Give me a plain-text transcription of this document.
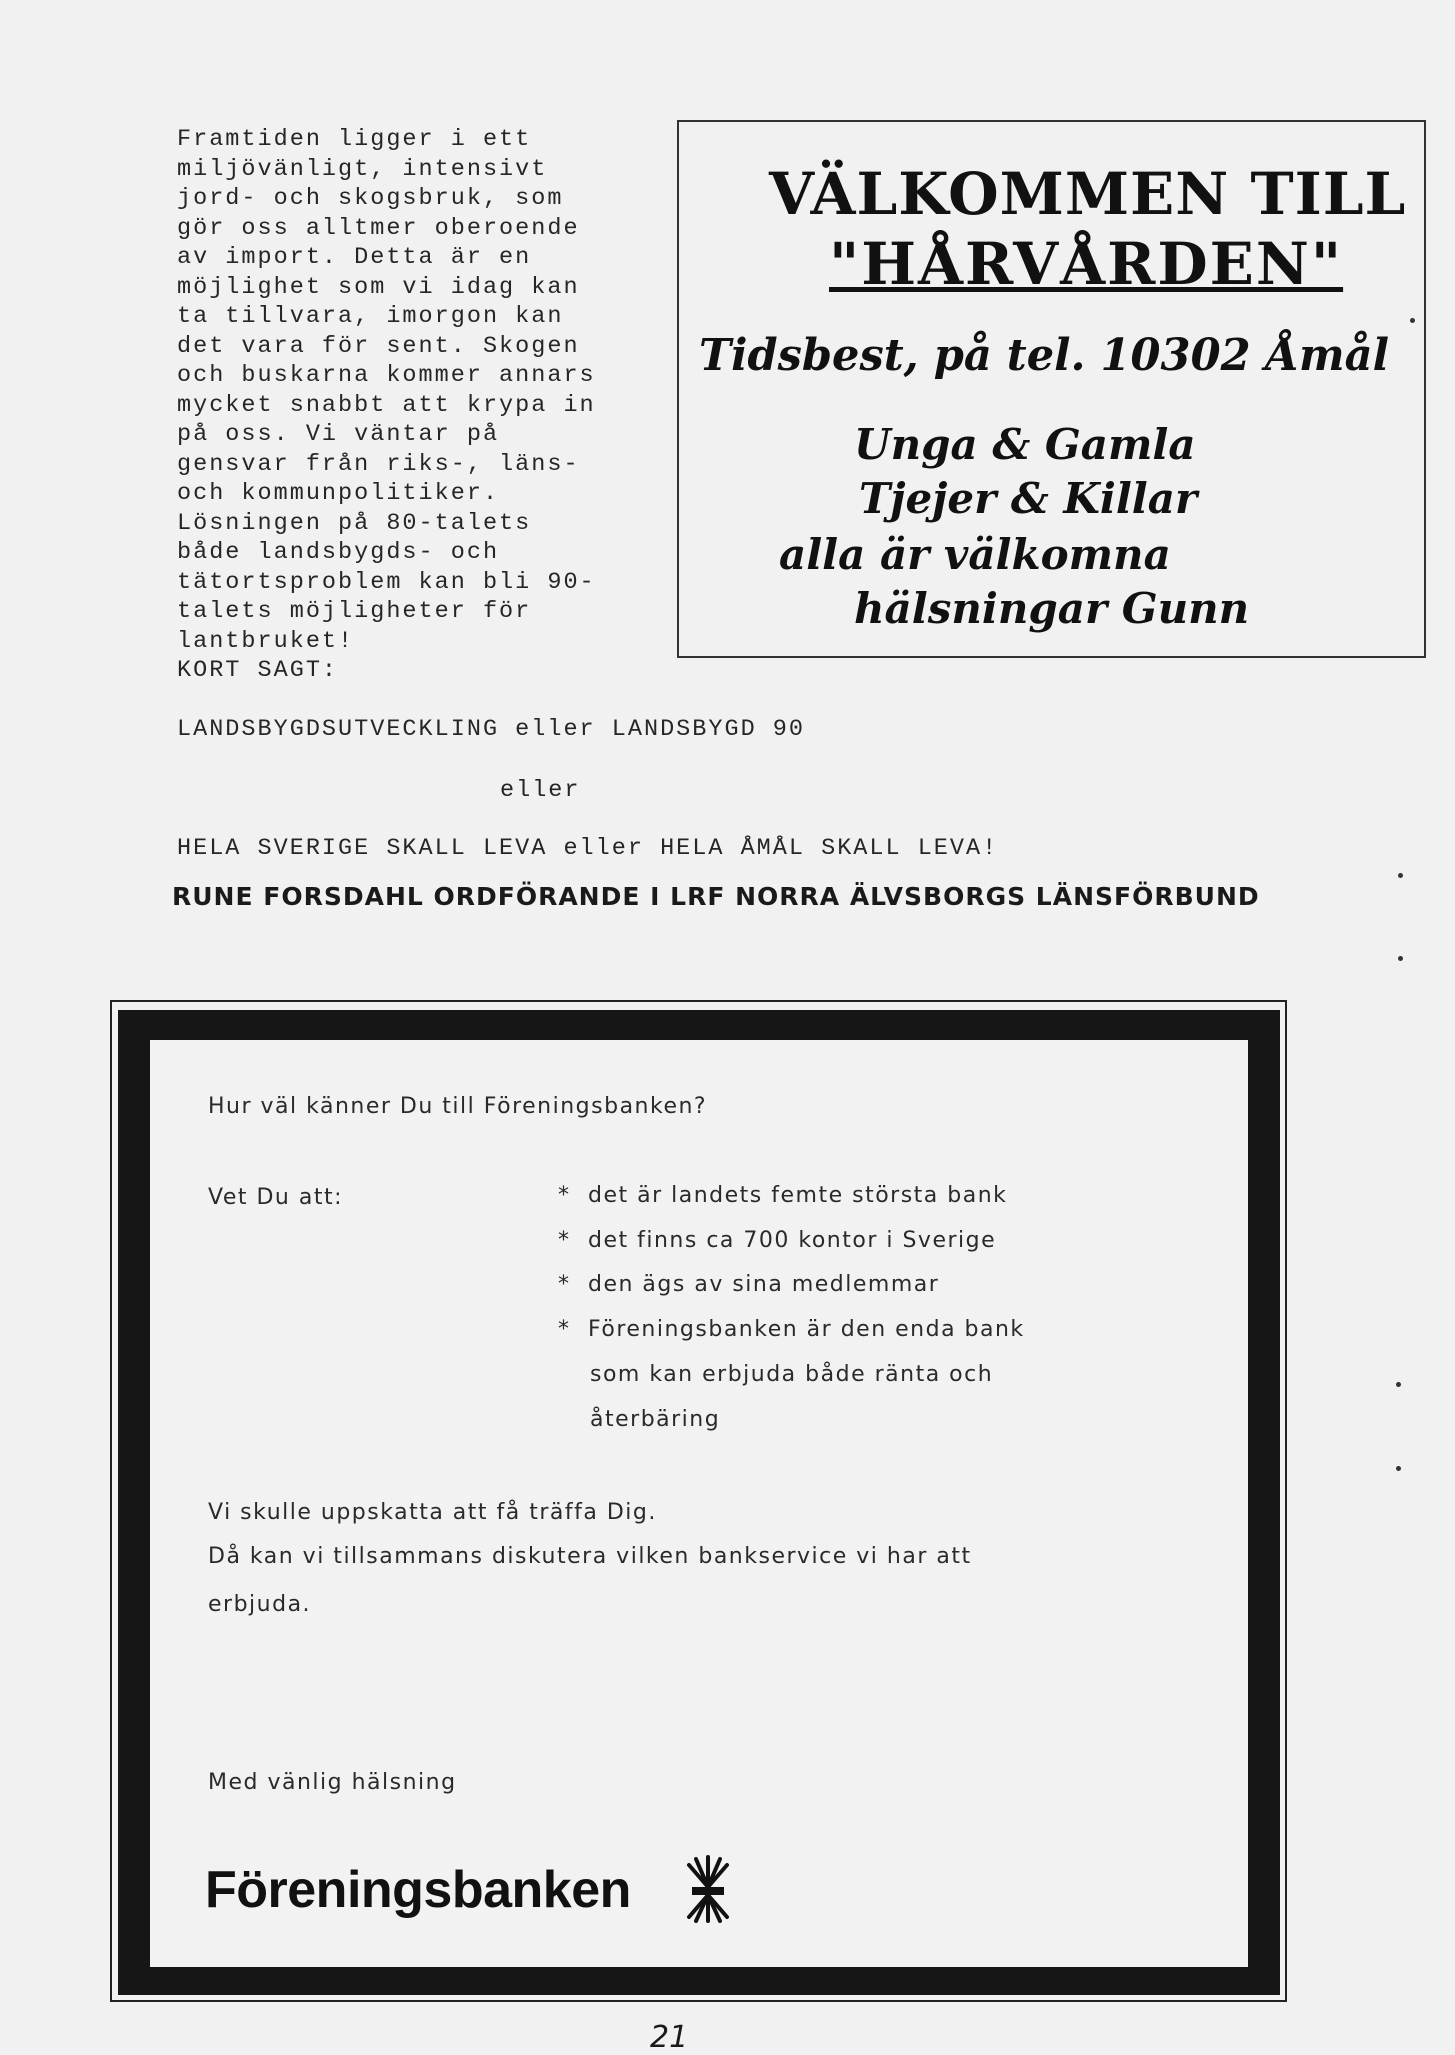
Framtiden ligger i ett
miljövänligt, intensivt
jord- och skogsbruk, som
gör oss alltmer oberoende
av import. Detta är en
möjlighet som vi idag kan
ta tillvara, imorgon kan
det vara för sent. Skogen
och buskarna kommer annars
mycket snabbt att krypa in
på oss. Vi väntar på
gensvar från riks-, läns-
och kommunpolitiker.
Lösningen på 80-talets
både landsbygds- och
tätortsproblem kan bli 90-
talets möjligheter för
lantbruket!
KORT SAGT:
LANDSBYGDSUTVECKLING eller LANDSBYGD 90
eller
HELA SVERIGE SKALL LEVA eller HELA ÅMÅL SKALL LEVA!
RUNE FORSDAHL ORDFÖRANDE I LRF NORRA ÄLVSBORGS LÄNSFÖRBUND
VÄLKOMMEN TILL
"HÅRVÅRDEN"
Tidsbest, på tel. 10302 Åmål
Unga & Gamla
Tjejer & Killar
alla är välkomna
hälsningar Gunn
Hur väl känner Du till Föreningsbanken?
Vet Du att:	* det är landets femte största bank
* det finns ca 700 kontor i Sverige
* den ägs av sina medlemmar
* Föreningsbanken är den enda bank
som kan erbjuda både ränta och
återbäring
Vi skulle uppskatta att få träffa Dig.
Då kan vi tillsammans diskutera vilken bankservice vi har att
erbjuda.
Med vänlig hälsning
Föreningsbanken
21
